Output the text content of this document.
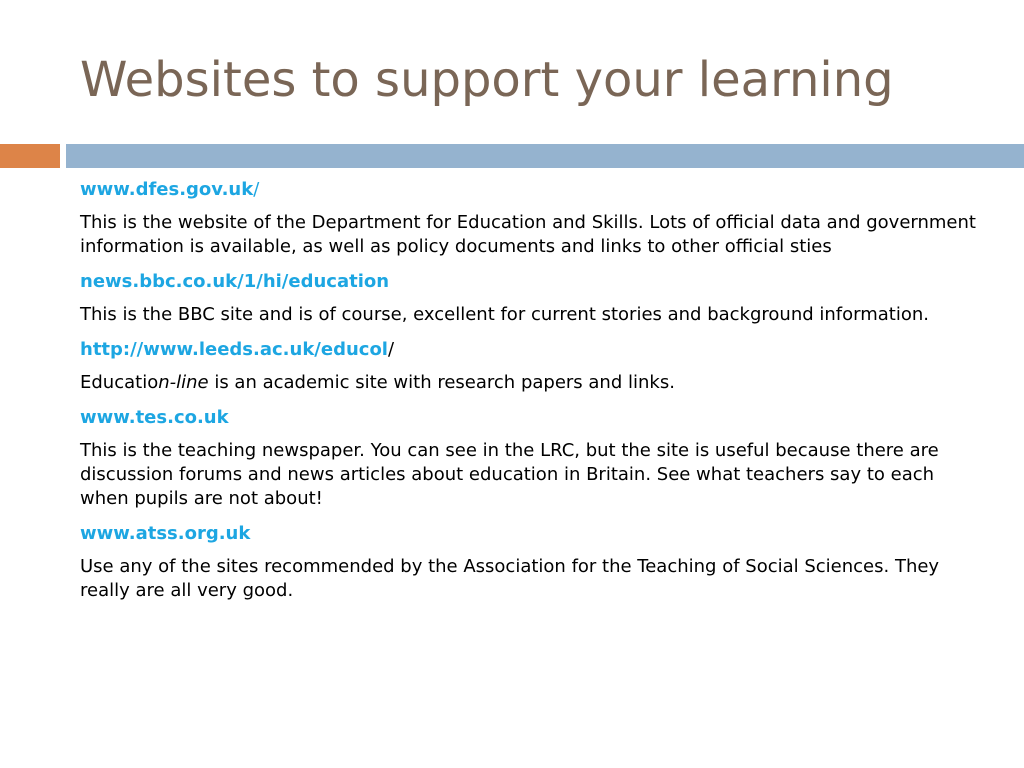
Websites to support your learning

www.dfes.gov.uk/

This is the website of the Department for Education and Skills. Lots of official data and government information is available, as well as policy documents and links to other official sties

news.bbc.co.uk/1/hi/education

This is the BBC site and is of course, excellent for current stories and background information.

http://www.leeds.ac.uk/educol/

Education-line is an academic site with research papers and links.

www.tes.co.uk

This is the teaching newspaper. You can see in the LRC, but the site is useful because there are discussion forums and news articles about education in Britain. See what teachers say to each when pupils are not about!

www.atss.org.uk

Use any of the sites recommended by the Association for the Teaching of Social Sciences. They really are all very good.
